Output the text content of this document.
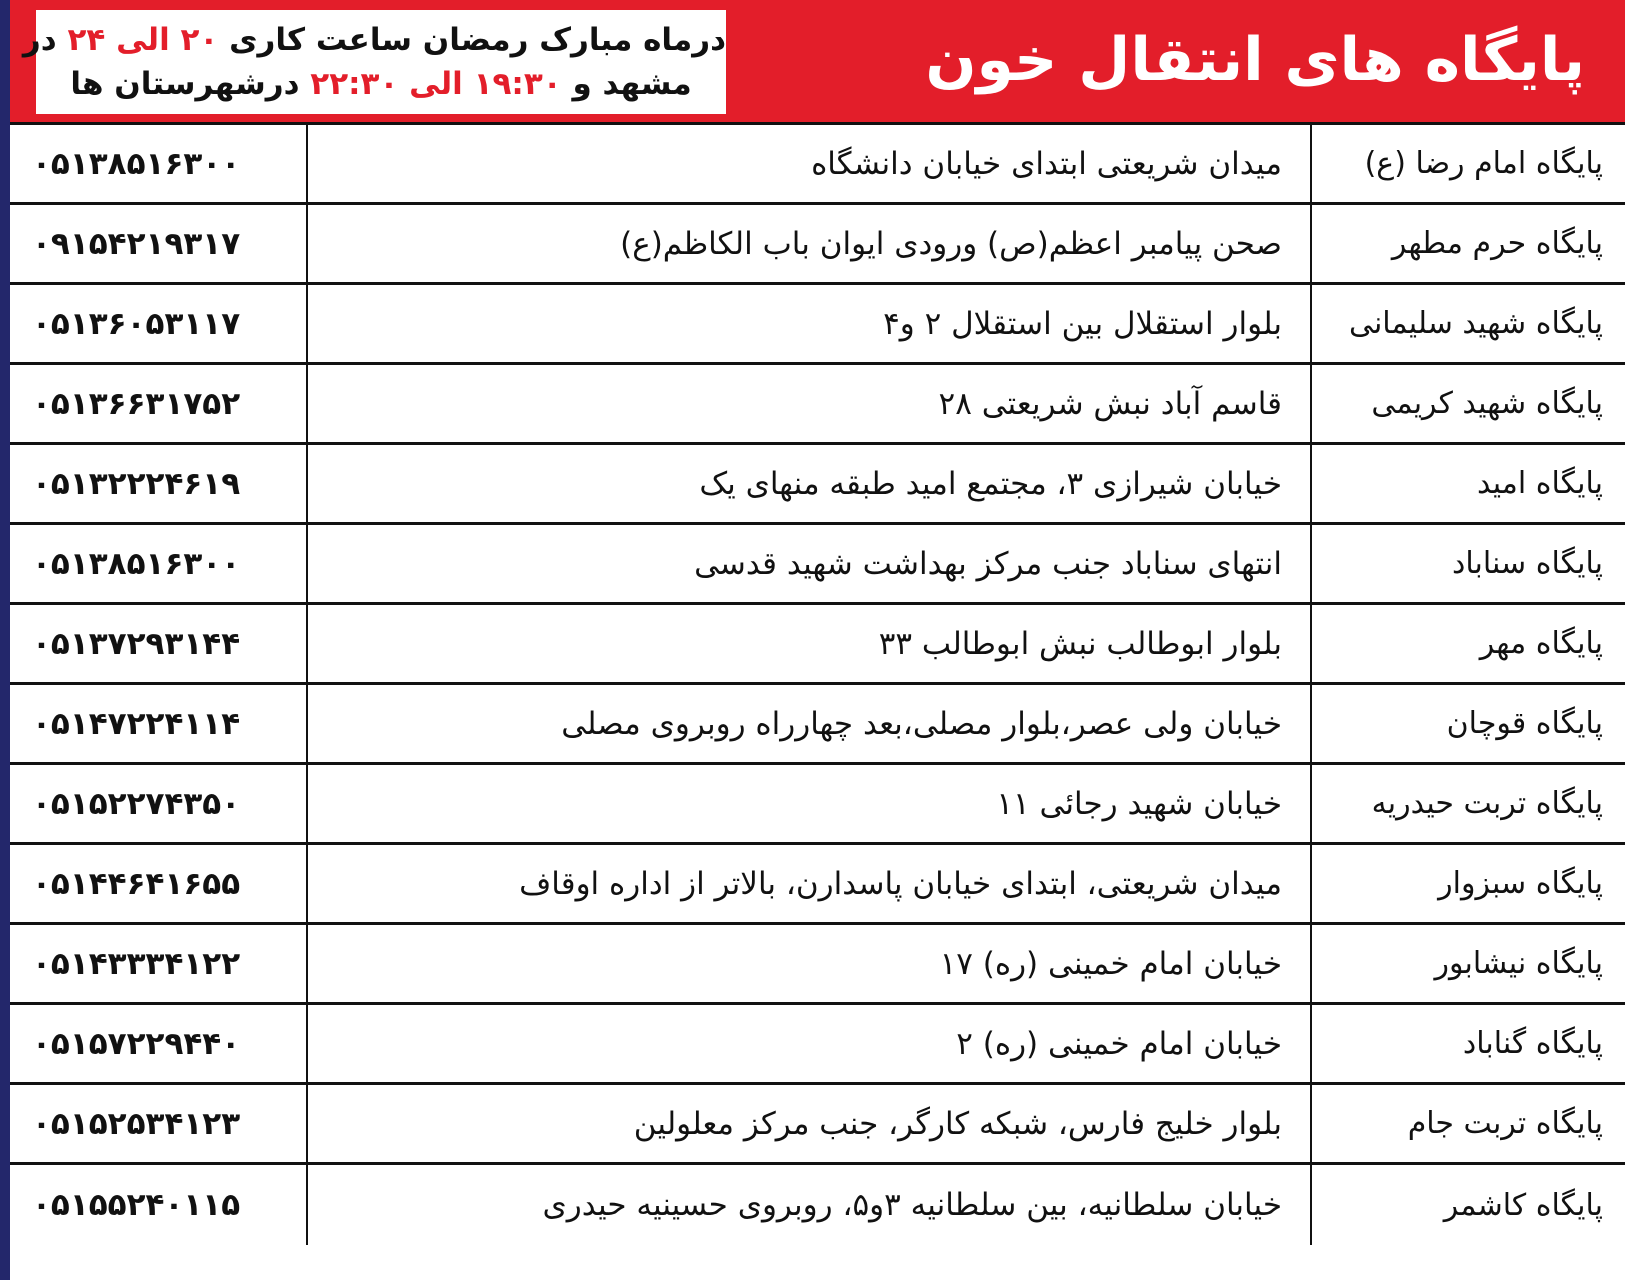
درماه مبارک رمضان ساعت کاری ۲۰ الی ۲۴ در
مشهد و ۱۹:۳۰ الی ۲۲:۳۰ درشهرستان ها	پایگاه های انتقال خون
۰۵۱۳۸۵۱۶۳۰۰	میدان شریعتی ابتدای خیابان دانشگاه	پایگاه امام رضا (ع)
۰۹۱۵۴۲۱۹۳۱۷	صحن پیامبر اعظم(ص) ورودی ایوان باب الکاظم(ع)	پایگاه حرم مطهر
۰۵۱۳۶۰۵۳۱۱۷	بلوار استقلال بین استقلال ۲ و۴	پایگاه شهید سلیمانی
۰۵۱۳۶۶۳۱۷۵۲	قاسم آباد نبش شریعتی ۲۸	پایگاه شهید کریمی
۰۵۱۳۲۲۲۴۶۱۹	خیابان شیرازی ۳، مجتمع امید طبقه منهای یک	پایگاه امید
۰۵۱۳۸۵۱۶۳۰۰	انتهای سناباد جنب مرکز بهداشت شهید قدسی	پایگاه سناباد
۰۵۱۳۷۲۹۳۱۴۴	بلوار ابوطالب نبش ابوطالب ۳۳	پایگاه مهر
۰۵۱۴۷۲۲۴۱۱۴	خیابان ولی عصر،بلوار مصلی،بعد چهارراه روبروی مصلی	پایگاه قوچان
۰۵۱۵۲۲۷۴۳۵۰	خیابان شهید رجائی ۱۱	پایگاه تربت حیدریه
۰۵۱۴۴۶۴۱۶۵۵	میدان شریعتی، ابتدای خیابان پاسدارن، بالاتر از اداره اوقاف	پایگاه سبزوار
۰۵۱۴۳۳۳۴۱۲۲	خیابان امام خمینی (ره) ۱۷	پایگاه نیشابور
۰۵۱۵۷۲۲۹۴۴۰	خیابان امام خمینی (ره) ۲	پایگاه گناباد
۰۵۱۵۲۵۳۴۱۲۳	بلوار خلیج فارس، شبکه کارگر، جنب مرکز معلولین	پایگاه تربت جام
۰۵۱۵۵۲۴۰۱۱۵	خیابان سلطانیه، بین سلطانیه ۳و۵، روبروی حسینیه حیدری	پایگاه کاشمر
